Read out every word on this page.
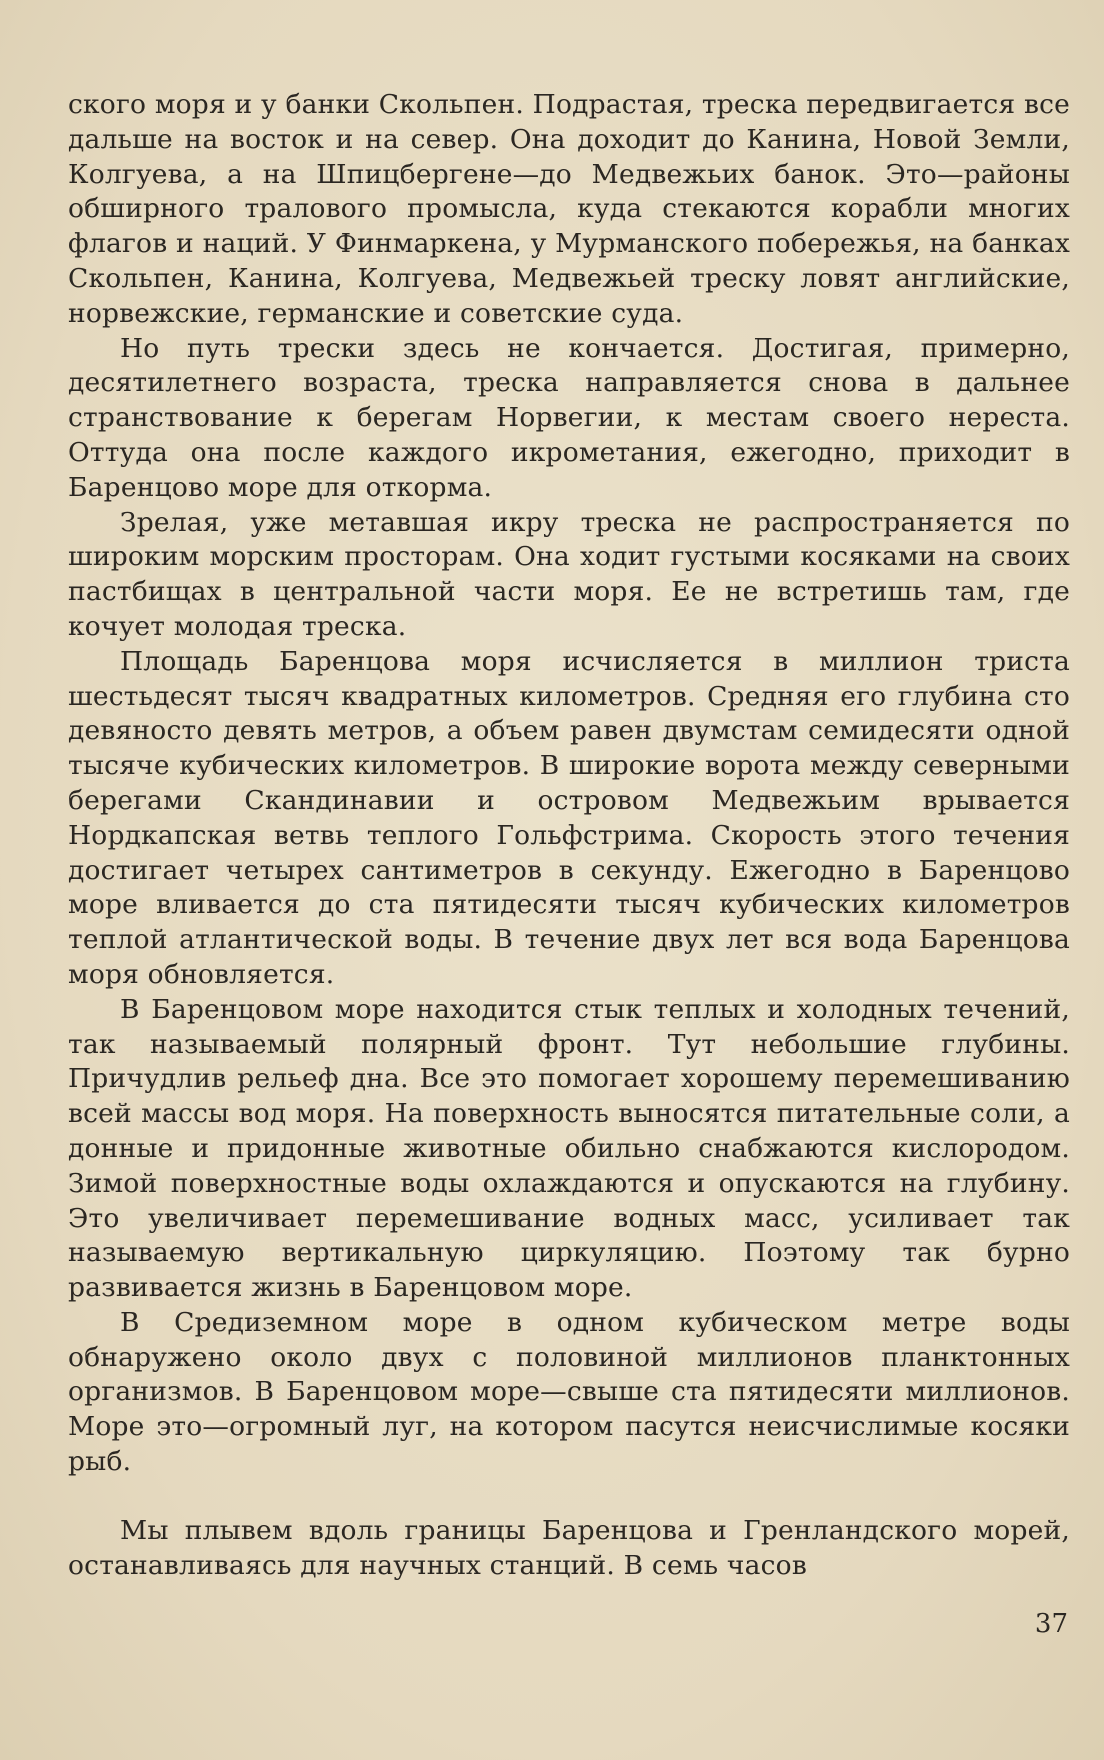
ского моря и у банки Скольпен. Подрастая, треска передвигается все дальше на восток и на север. Она доходит до Канина, Новой Земли, Колгуева, а на Шпицбергене—до Медвежьих банок. Это—районы обширного тралового промысла, куда стекаются корабли многих флагов и наций. У Финмаркена, у Мурманского побережья, на банках Скольпен, Канина, Колгуева, Медвежьей треску ловят английские, норвежские, германские и советские суда.

Но путь трески здесь не кончается. Достигая, примерно, десятилетнего возраста, треска направляется снова в дальнее странствование к берегам Норвегии, к местам своего нереста. Оттуда она после каждого икрометания, ежегодно, приходит в Баренцово море для откорма.

Зрелая, уже метавшая икру треска не распространяется по широким морским просторам. Она ходит густыми косяками на своих пастбищах в центральной части моря. Ее не встретишь там, где кочует молодая треска.

Площадь Баренцова моря исчисляется в миллион триста шестьдесят тысяч квадратных километров. Средняя его глубина сто девяносто девять метров, а объем равен двумстам семидесяти одной тысяче кубических километров. В широкие ворота между северными берегами Скандинавии и островом Медвежьим врывается Нордкапская ветвь теплого Гольфстрима. Скорость этого течения достигает четырех сантиметров в секунду. Ежегодно в Баренцово море вливается до ста пятидесяти тысяч кубических километров теплой атлантической воды. В течение двух лет вся вода Баренцова моря обновляется.

В Баренцовом море находится стык теплых и холодных течений, так называемый полярный фронт. Тут небольшие глубины. Причудлив рельеф дна. Все это помогает хорошему перемешиванию всей массы вод моря. На поверхность выносятся питательные соли, а донные и придонные животные обильно снабжаются кислородом. Зимой поверхностные воды охлаждаются и опускаются на глубину. Это увеличивает перемешивание водных масс, усиливает так называемую вертикальную циркуляцию. Поэтому так бурно развивается жизнь в Баренцовом море.

В Средиземном море в одном кубическом метре воды обнаружено около двух с половиной миллионов планктонных организмов. В Баренцовом море—свыше ста пятидесяти миллионов. Море это—огромный луг, на котором пасутся неисчислимые косяки рыб.

Мы плывем вдоль границы Баренцова и Гренландского морей, останавливаясь для научных станций. В семь часов

37
